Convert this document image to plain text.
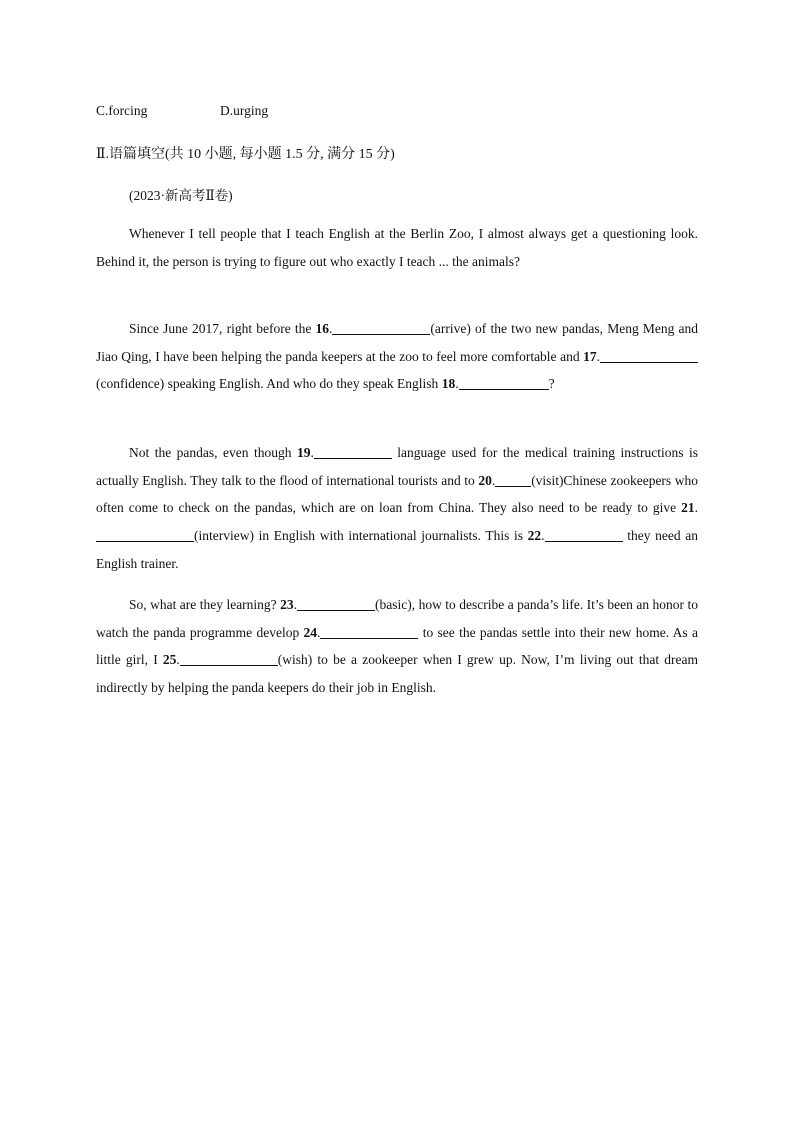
C.forcing	D.urging
Ⅱ.语篇填空(共 10 小题, 每小题 1.5 分, 满分 15 分)
(2023·新高考Ⅱ卷)

Whenever I tell people that I teach English at the Berlin Zoo, I almost always get a questioning look. Behind it, the person is trying to figure out who exactly I teach ... the animals?

Since June 2017, right before the 16.	(arrive) of the two new pandas, Meng Meng and Jiao Qing, I have been helping the panda keepers at the zoo to feel more comfortable and 17.(confidence) speaking English. And who do they speak English 18.	?

Not the pandas, even though 19.	language used for the medical training instructions is actually English. They talk to the flood of international tourists and to 20.	(visit)Chinese zookeepers who often come to check on the pandas, which are on loan from China. They also need to be ready to give 21.(interview) in English with international journalists. This is 22.	they need an English trainer.

So, what are they learning? 23.	(basic), how to describe a panda’s life. It’s been an honor to watch the panda programme develop 24.	to see the pandas settle into their new home. As a little girl, I 25.	(wish) to be a zookeeper when I grew up. Now, I’m living out that dream indirectly by helping the panda keepers do their job in English.
